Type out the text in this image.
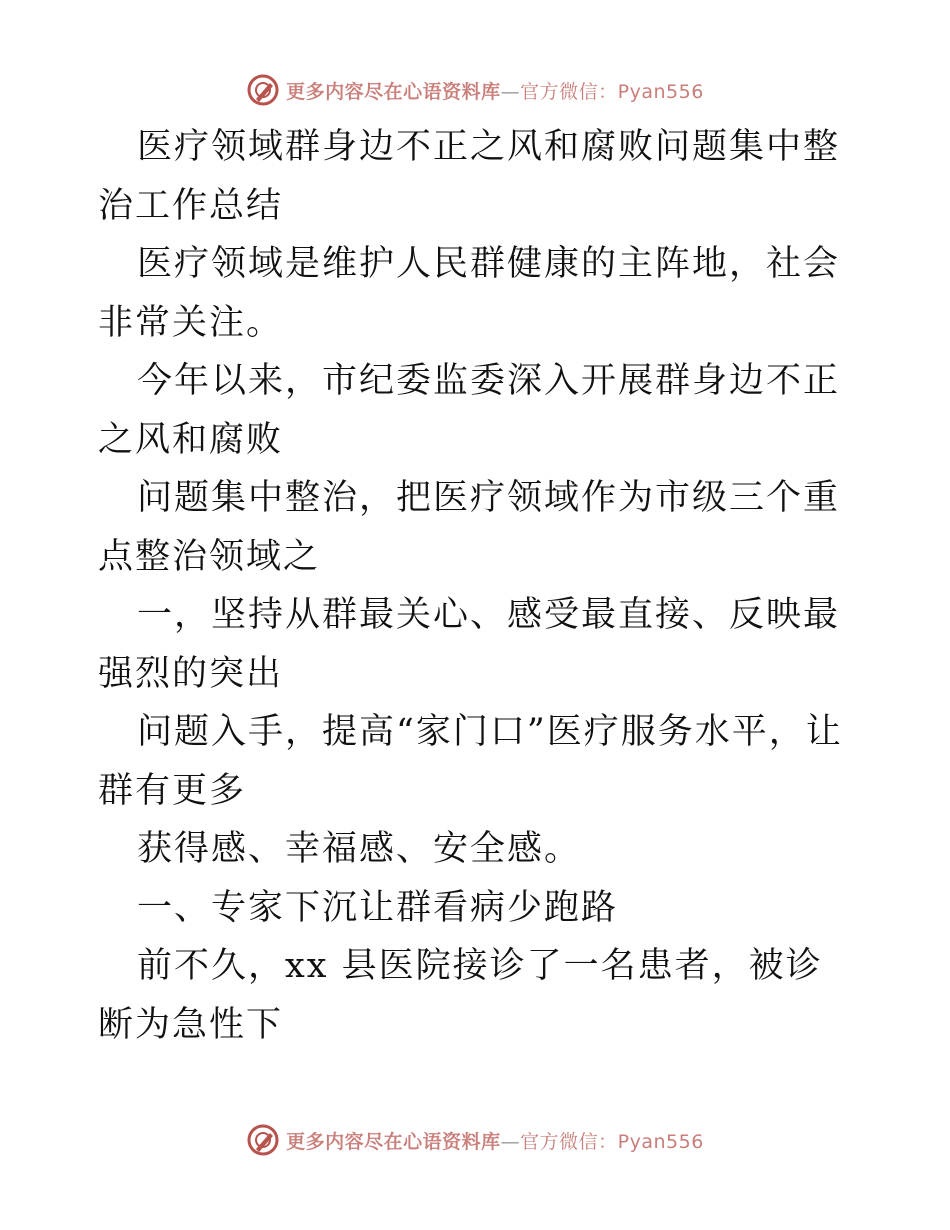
更多内容尽在心语资料库—官方微信：Pyan556

医疗领域群身边不正之风和腐败问题集中整治工作总结

医疗领域是维护人民群健康的主阵地，社会非常关注。

今年以来，市纪委监委深入开展群身边不正之风和腐败

问题集中整治，把医疗领域作为市级三个重点整治领域之

一，坚持从群最关心、感受最直接、反映最强烈的突出

问题入手，提高“家门口”医疗服务水平，让群有更多

获得感、幸福感、安全感。

一、专家下沉让群看病少跑路

前不久，xx 县医院接诊了一名患者，被诊断为急性下

更多内容尽在心语资料库—官方微信：Pyan556
